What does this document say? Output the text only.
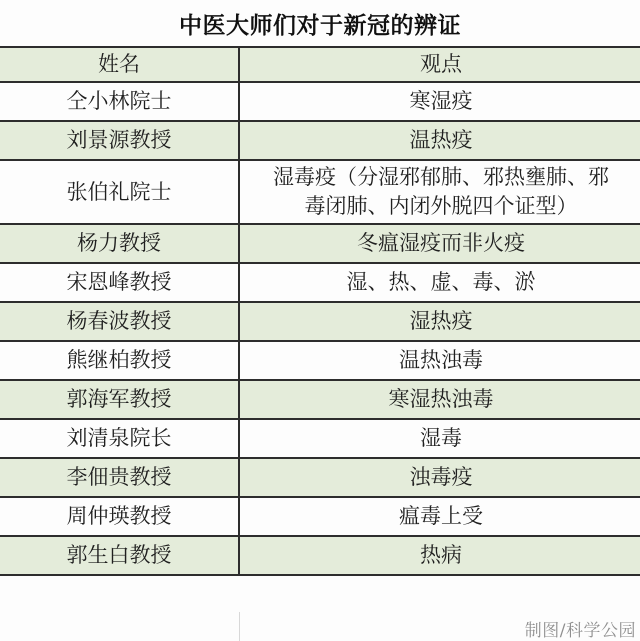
中医大师们对于新冠的辨证
姓名	观点
仝小林院士	寒湿疫
刘景源教授	温热疫
张伯礼院士	湿毒疫（分湿邪郁肺、邪热壅肺、邪毒闭肺、内闭外脱四个证型）
杨力教授	冬瘟湿疫而非火疫
宋恩峰教授	湿、热、虚、毒、淤
杨春波教授	湿热疫
熊继柏教授	温热浊毒
郭海军教授	寒湿热浊毒
刘清泉院长	湿毒
李佃贵教授	浊毒疫
周仲瑛教授	瘟毒上受
郭生白教授	热病
制图/科学公园
